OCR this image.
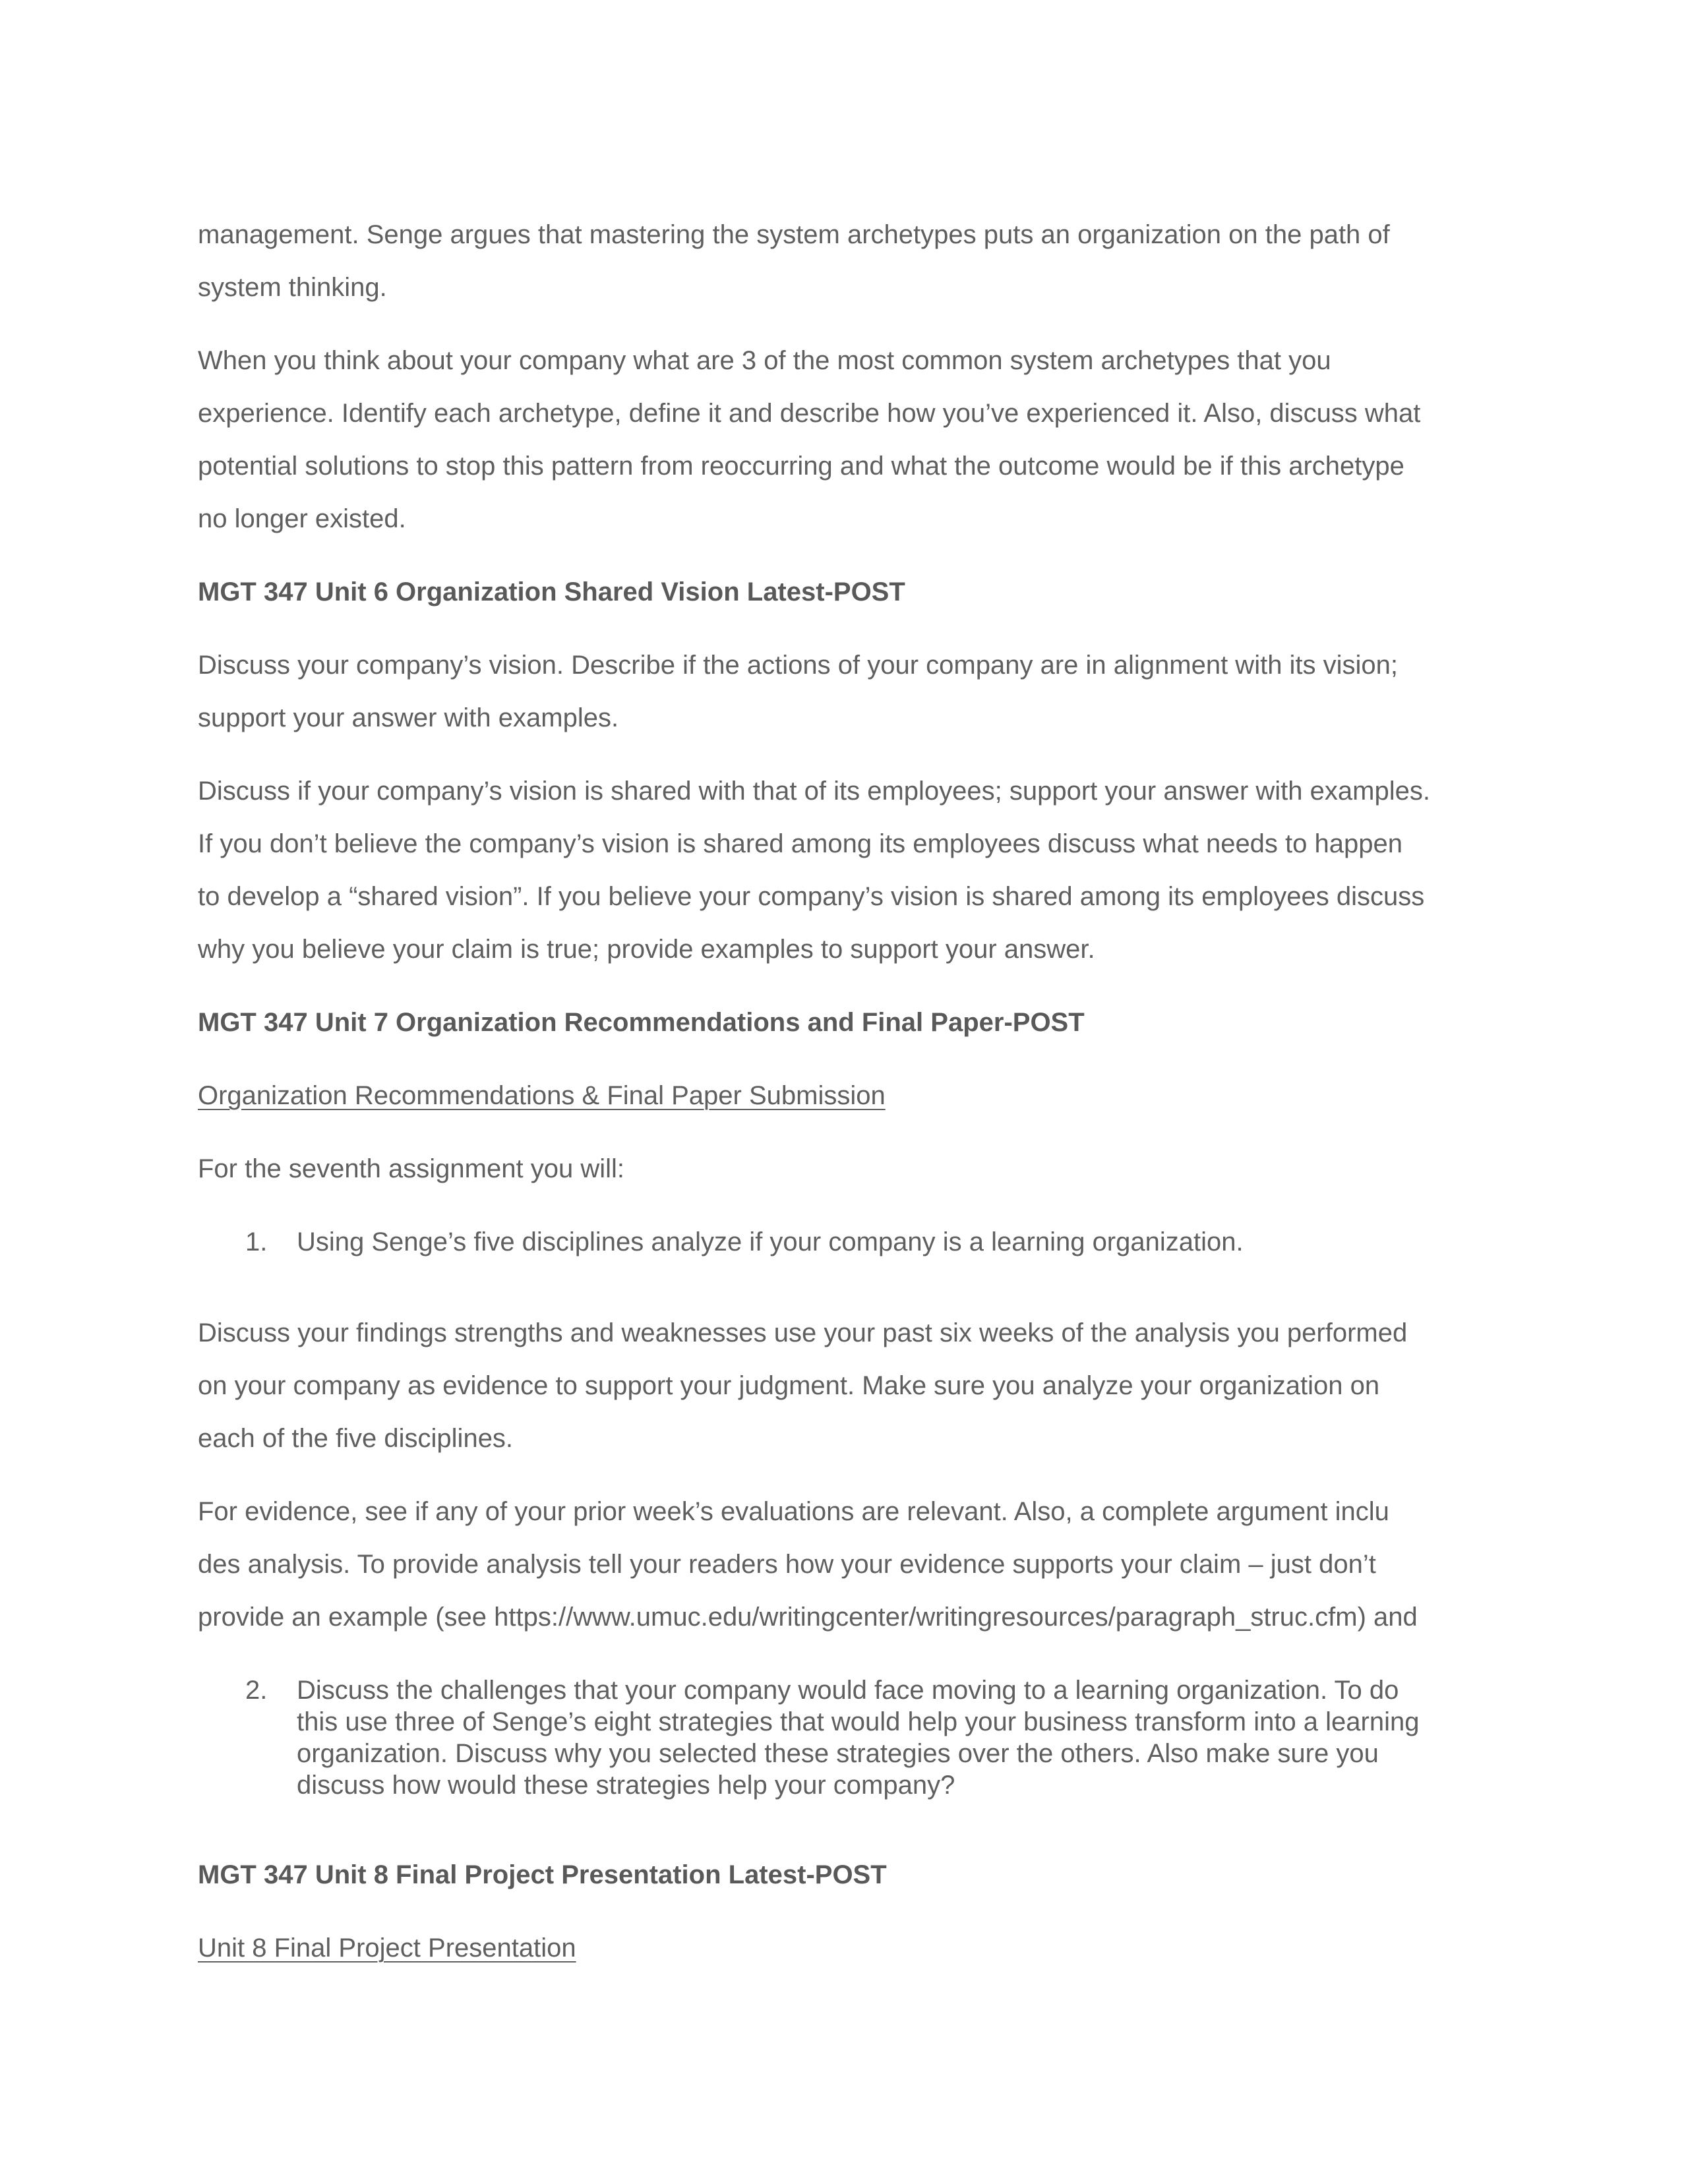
management. Senge argues that mastering the system archetypes puts an organization on the path of

system thinking.

When you think about your company what are 3 of the most common system archetypes that you

experience. Identify each archetype, define it and describe how you’ve experienced it. Also, discuss what

potential solutions to stop this pattern from reoccurring and what the outcome would be if this archetype

no longer existed.

MGT 347 Unit 6 Organization Shared Vision Latest-POST

Discuss your company’s vision. Describe if the actions of your company are in alignment with its vision;

support your answer with examples.

Discuss if your company’s vision is shared with that of its employees; support your answer with examples.

If you don’t believe the company’s vision is shared among its employees discuss what needs to happen

to develop a “shared vision”. If you believe your company’s vision is shared among its employees discuss

why you believe your claim is true; provide examples to support your answer.

MGT 347 Unit 7 Organization Recommendations and Final Paper-POST

Organization Recommendations & Final Paper Submission

For the seventh assignment you will:

1. Using Senge’s five disciplines analyze if your company is a learning organization.

Discuss your findings strengths and weaknesses use your past six weeks of the analysis you performed

on your company as evidence to support your judgment. Make sure you analyze your organization on

each of the five disciplines.

For evidence, see if any of your prior week’s evaluations are relevant. Also, a complete argument inclu

des analysis. To provide analysis tell your readers how your evidence supports your claim – just don’t

provide an example (see https://www.umuc.edu/writingcenter/writingresources/paragraph_struc.cfm) and

2. Discuss the challenges that your company would face moving to a learning organization. To do
this use three of Senge’s eight strategies that would help your business transform into a learning
organization. Discuss why you selected these strategies over the others. Also make sure you
discuss how would these strategies help your company?
MGT 347 Unit 8 Final Project Presentation Latest-POST

Unit 8 Final Project Presentation
